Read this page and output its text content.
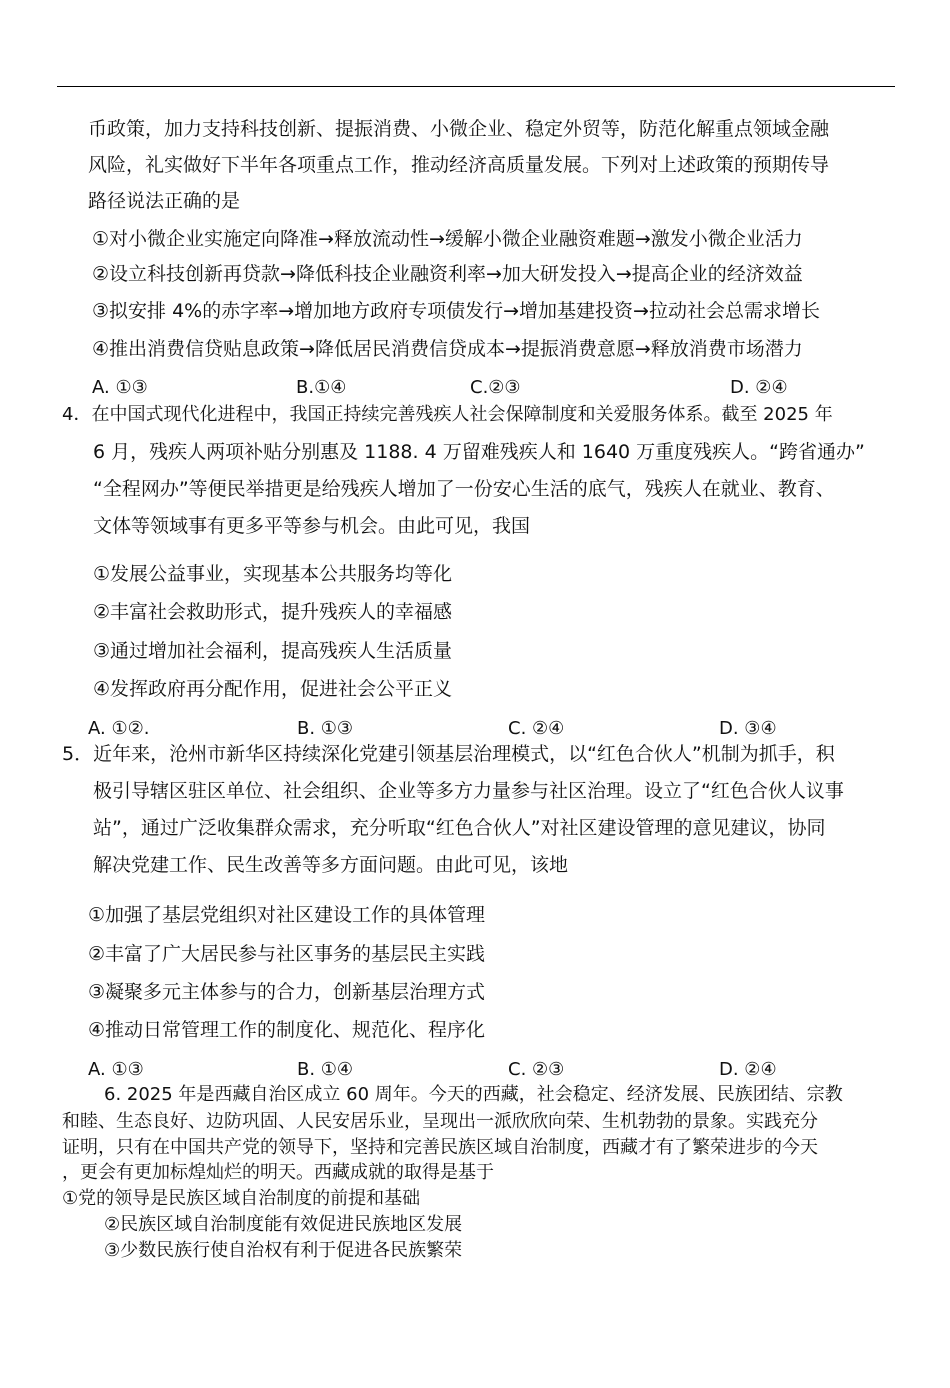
币政策，加力支持科技创新、提振消费、小微企业、稳定外贸等，防范化解重点领域金融
风险，礼实做好下半年各项重点工作，推动经济高质量发展。下列对上述政策的预期传导
路径说法正确的是
①对小微企业实施定向降准→释放流动性→缓解小微企业融资难题→激发小微企业活力
②设立科技创新再贷款→降低科技企业融资利率→加大研发投入→提高企业的经济效益
③拟安排 4%的赤字率→增加地方政府专项债发行→增加基建投资→拉动社会总需求增长
④推出消费信贷贴息政策→降低居民消费信贷成本→提振消费意愿→释放消费市场潜力
A. ①③	B.①④	C.②③	D. ②④
4．在中国式现代化进程中，我国正持续完善残疾人社会保障制度和关爱服务体系。截至 2025 年
6 月，残疾人两项补贴分别惠及 1188. 4 万留难残疾人和 1640 万重度残疾人。“跨省通办”
“全程网办”等便民举措更是给残疾人增加了一份安心生活的底气，残疾人在就业、教育、
文体等领域事有更多平等参与机会。由此可见，我国
①发展公益事业，实现基本公共服务均等化
②丰富社会救助形式，提升残疾人的幸福感
③通过增加社会福利，提高残疾人生活质量
④发挥政府再分配作用，促进社会公平正义
A. ①②.	B. ①③	C. ②④	D. ③④
5．近年来，沧州市新华区持续深化党建引领基层治理模式，以“红色合伙人”机制为抓手，积
极引导辖区驻区单位、社会组织、企业等多方力量参与社区治理。设立了“红色合伙人议事
站”，通过广泛收集群众需求，充分听取“红色合伙人”对社区建设管理的意见建议，协同
解决党建工作、民生改善等多方面问题。由此可见，该地
①加强了基层党组织对社区建设工作的具体管理
②丰富了广大居民参与社区事务的基层民主实践
③凝聚多元主体参与的合力，创新基层治理方式
④推动日常管理工作的制度化、规范化、程序化
A. ①③	B. ①④	C. ②③	D. ②④
6. 2025 年是西藏自治区成立 60 周年。今天的西藏，社会稳定、经济发展、民族团结、宗教
和睦、生态良好、边防巩固、人民安居乐业，呈现出一派欣欣向荣、生机勃勃的景象。实践充分
证明，只有在中国共产党的领导下，坚持和完善民族区域自治制度，西藏才有了繁荣进步的今天
，更会有更加标煌灿烂的明天。西藏成就的取得是基于
①党的领导是民族区域自治制度的前提和基础
②民族区域自治制度能有效促进民族地区发展
③少数民族行使自治权有利于促进各民族繁荣
